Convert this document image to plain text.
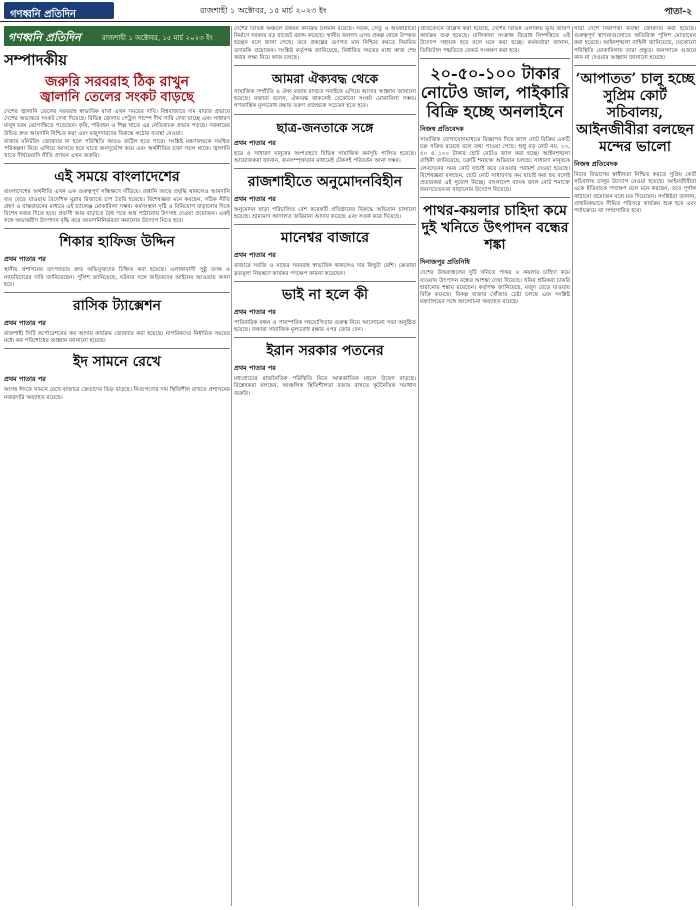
গণধ্বনি প্রতিদিন	রাজশাহী ১ অক্টোবর, ১৫ মার্চ ২০২৩ ইং	পাতা-২
গণধ্বনি প্রতিদিন	রাজশাহী ১ অক্টোবর, ১৫ মার্চ ২০২৩ ইং
সম্পাদকীয়
জরুরি সরবরাহ ঠিক রাখুন
জ্বালানি তেলের সংকট বাড়ছে

দেশের জ্বালানি তেলের সরবরাহ স্বাভাবিক রাখা এখন সময়ের দাবি। বিশ্ববাজারে দাম বাড়ার প্রভাবে দেশের অভ্যন্তরে সংকট দেখা দিয়েছে। বিভিন্ন জেলায় পেট্রল পাম্পে দীর্ঘ সারি দেখা যাচ্ছে এবং সাধারণ মানুষ চরম ভোগান্তিতে পড়েছেন। কৃষি, পরিবহন ও শিল্প খাতে এর নেতিবাচক প্রভাব পড়ছে। সরকারের উচিত দ্রুত আমদানি নিশ্চিত করা এবং মজুদদারদের বিরুদ্ধে কঠোর ব্যবস্থা নেওয়া।

বাজার মনিটরিং জোরদার না হলে পরিস্থিতি আরও জটিল হতে পারে। সংশ্লিষ্ট মন্ত্রণালয়কে সমন্বিত পরিকল্পনা নিয়ে এগিয়ে আসতে হবে যাতে জনদুর্ভোগ কমে এবং অর্থনীতির চাকা সচল থাকে। জ্বালানি খাতে দীর্ঘমেয়াদি নীতি প্রণয়ন এখন জরুরি।

এই সময়ে বাংলাদেশের

বাংলাদেশের অর্থনীতি এখন এক গুরুত্বপূর্ণ সন্ধিক্ষণে দাঁড়িয়ে। রপ্তানি আয়ে প্রবৃদ্ধি থাকলেও আমদানি ব্যয় বেড়ে যাওয়ায় বৈদেশিক মুদ্রার রিজার্ভে চাপ তৈরি হয়েছে। বিশেষজ্ঞরা মনে করছেন, সঠিক নীতি গ্রহণ ও বাস্তবায়নের মাধ্যমে এই চ্যালেঞ্জ মোকাবিলা সম্ভব। কর্মসংস্থান সৃষ্টি ও বিনিয়োগ বাড়ানোর দিকে বিশেষ নজর দিতে হবে। প্রবাসী আয় বাড়াতে বৈধ পথে অর্থ পাঠানোয় উৎসাহ দেওয়া প্রয়োজন। একই সঙ্গে অভ্যন্তরীণ উৎপাদন বৃদ্ধি করে আমদানিনির্ভরতা কমানোর উদ্যোগ নিতে হবে।

শিকার হাফিজ উদ্দিন
প্রথম পাতার পর

স্থানীয় প্রশাসনের তৎপরতায় দ্রুত অভিযুক্তদের চিহ্নিত করা হয়েছে। এলাকাবাসী সুষ্ঠু তদন্ত ও ন্যায়বিচারের দাবি জানিয়েছেন। পুলিশ জানিয়েছে, ঘটনার সঙ্গে জড়িতদের আইনের আওতায় আনা হবে।

রাসিক ট্যাক্সেশন
প্রথম পাতার পর

রাজশাহী সিটি কর্পোরেশনের কর আদায় কার্যক্রম জোরদার করা হয়েছে। নাগরিকদের নির্ধারিত সময়ের মধ্যে কর পরিশোধের আহ্বান জানানো হয়েছে।

ইদ সামনে রেখে
প্রথম পাতার পর

আসন্ন ঈদকে সামনে রেখে বাজারে ক্রেতাদের ভিড় বাড়ছে। নিত্যপণ্যের দাম স্থিতিশীল রাখতে প্রশাসনের নজরদারি অব্যাহত রয়েছে।

দেশের বিভিন্ন অঞ্চলে উন্নয়ন কার্যক্রম চলমান রয়েছে। সড়ক, সেতু ও অবকাঠামো নির্মাণে সরকার বড় বাজেট বরাদ্দ করেছে। স্থানীয় জনগণ এসব প্রকল্প থেকে উপকৃত হচ্ছেন বলে জানা গেছে। তবে প্রকল্পের গুণগত মান নিশ্চিত করতে নিয়মিত তদারকি প্রয়োজন। সংশ্লিষ্ট কর্তৃপক্ষ জানিয়েছে, নির্ধারিত সময়ের মধ্যে কাজ শেষ করার লক্ষ্য নিয়ে কাজ চলছে।

আমরা ঐক্যবদ্ধ থেকে

সামাজিক সম্প্রীতি ও ঐক্য বজায় রাখতে সবাইকে এগিয়ে আসার আহ্বান জানানো হয়েছে। বক্তারা বলেন, ঐক্যবদ্ধ থাকলেই যেকোনো সংকট মোকাবিলা সম্ভব। গণতান্ত্রিক মূল্যবোধ রক্ষায় তরুণ প্রজন্মকে সচেতন হতে হবে।

ছাত্র-জনতাকে সঙ্গে
প্রথম পাতার পর

ছাত্র ও সাধারণ মানুষের অংশগ্রহণে বিভিন্ন সামাজিক কর্মসূচি পালিত হয়েছে। আয়োজকরা জানান, জনসম্পৃক্ততার মাধ্যমেই টেকসই পরিবর্তন আনা সম্ভব।

রাজশাহীতে অনুমোদনবিহীন
প্রথম পাতার পর

অনুমোদন ছাড়া পরিচালিত বেশ কয়েকটি প্রতিষ্ঠানের বিরুদ্ধে অভিযান চালানো হয়েছে। ভ্রাম্যমাণ আদালত জরিমানা আদায় করেছে এবং সতর্ক করে দিয়েছে।

মানেশ্বর বাজারে
প্রথম পাতার পর

বাজারে সবজি ও মাছের সরবরাহ স্বাভাবিক থাকলেও দাম কিছুটা বেশি। ক্রেতারা দ্রব্যমূল্য নিয়ন্ত্রণে কার্যকর পদক্ষেপ কামনা করেছেন।

ভাই না হলে কী
প্রথম পাতার পর

পারিবারিক বন্ধন ও পারস্পরিক সহযোগিতার গুরুত্ব নিয়ে আলোচনা সভা অনুষ্ঠিত হয়েছে। বক্তারা সামাজিক মূল্যবোধ রক্ষার ওপর জোর দেন।

ইরান সরকার পতনের
প্রথম পাতার পর

মধ্যপ্রাচ্যের রাজনৈতিক পরিস্থিতি নিয়ে আন্তর্জাতিক মহলে উদ্বেগ বাড়ছে। বিশ্লেষকরা বলছেন, আঞ্চলিক স্থিতিশীলতা বজায় রাখতে কূটনৈতিক সমাধান জরুরি।

প্রতিবেদনে উল্লেখ করা হয়েছে, দেশের বিভিন্ন এলাকায় ভূমি জরিপ কার্যক্রম শুরু হয়েছে। মালিকানা সংক্রান্ত বিরোধ নিষ্পত্তিতে এই উদ্যোগ সহায়ক হবে বলে মনে করা হচ্ছে। কর্মকর্তারা জানান, ডিজিটাল পদ্ধতিতে রেকর্ড সংরক্ষণ করা হবে।

২০-৫০-১০০ টাকার নোটেও জাল, পাইকারি বিক্রি হচ্ছে অনলাইনে
নিজস্ব প্রতিবেদক

সামাজিক যোগাযোগমাধ্যমে বিজ্ঞাপন দিয়ে জাল নোট বিক্রির একটি চক্র সক্রিয় রয়েছে বলে তথ্য পাওয়া গেছে। শুধু বড় নোট নয়, ২০, ৫০ ও ১০০ টাকার ছোট নোটও জাল করা হচ্ছে। আইনশৃঙ্খলা বাহিনী জানিয়েছে, চক্রটি শনাক্তে অভিযান চলছে। সাধারণ মানুষকে লেনদেনের সময় নোট যাচাই করে নেওয়ার পরামর্শ দেওয়া হয়েছে। বিশেষজ্ঞরা বলছেন, ছোট নোট সাধারণত কম যাচাই করা হয় বলেই প্রতারকরা এই সুযোগ নিচ্ছে। বাংলাদেশ ব্যাংক জাল নোট শনাক্তে জনসচেতনতা বাড়ানোর উদ্যোগ নিয়েছে।

পাথর-কয়লার চাহিদা কমে দুই খনিতে উৎপাদন বন্ধের শঙ্কা
দিনাজপুর প্রতিনিধি

দেশের উত্তরাঞ্চলের দুটি খনিতে পাথর ও কয়লার চাহিদা কমে যাওয়ায় উৎপাদন বন্ধের আশঙ্কা দেখা দিয়েছে। খনির শ্রমিকরা চাকরি হারানোর শঙ্কায় রয়েছেন। কর্তৃপক্ষ জানিয়েছে, মজুদ বেড়ে যাওয়ায় বিক্রি কমেছে। বিকল্প বাজার খোঁজার চেষ্টা চলছে এবং সংশ্লিষ্ট মন্ত্রণালয়ের সঙ্গে আলোচনা অব্যাহত রয়েছে।

সারা দেশে নিরাপত্তা ব্যবস্থা জোরদার করা হয়েছে। গুরুত্বপূর্ণ স্থাপনাগুলোতে অতিরিক্ত পুলিশ মোতায়েন করা হয়েছে। আইনশৃঙ্খলা বাহিনী জানিয়েছে, যেকোনো পরিস্থিতি মোকাবিলায় তারা প্রস্তুত। জনগণকে গুজবে কান না দেওয়ার আহ্বান জানানো হয়েছে।

‘আপাতত’ চালু হচ্ছে সুপ্রিম কোর্ট সচিবালয়, আইনজীবীরা বলছেন মন্দের ভালো
নিজস্ব প্রতিবেদক

বিচার বিভাগের স্বাধীনতা নিশ্চিত করতে সুপ্রিম কোর্ট সচিবালয় চালুর উদ্যোগ নেওয়া হয়েছে। আইনজীবীরা একে ইতিবাচক পদক্ষেপ বলে মনে করছেন, তবে পূর্ণাঙ্গ কাঠামো প্রয়োজন বলে মত দিয়েছেন। সংশ্লিষ্টরা জানান, প্রাথমিকভাবে সীমিত পরিসরে কার্যক্রম শুরু হবে এবং পর্যায়ক্রমে তা সম্প্রসারিত হবে।
